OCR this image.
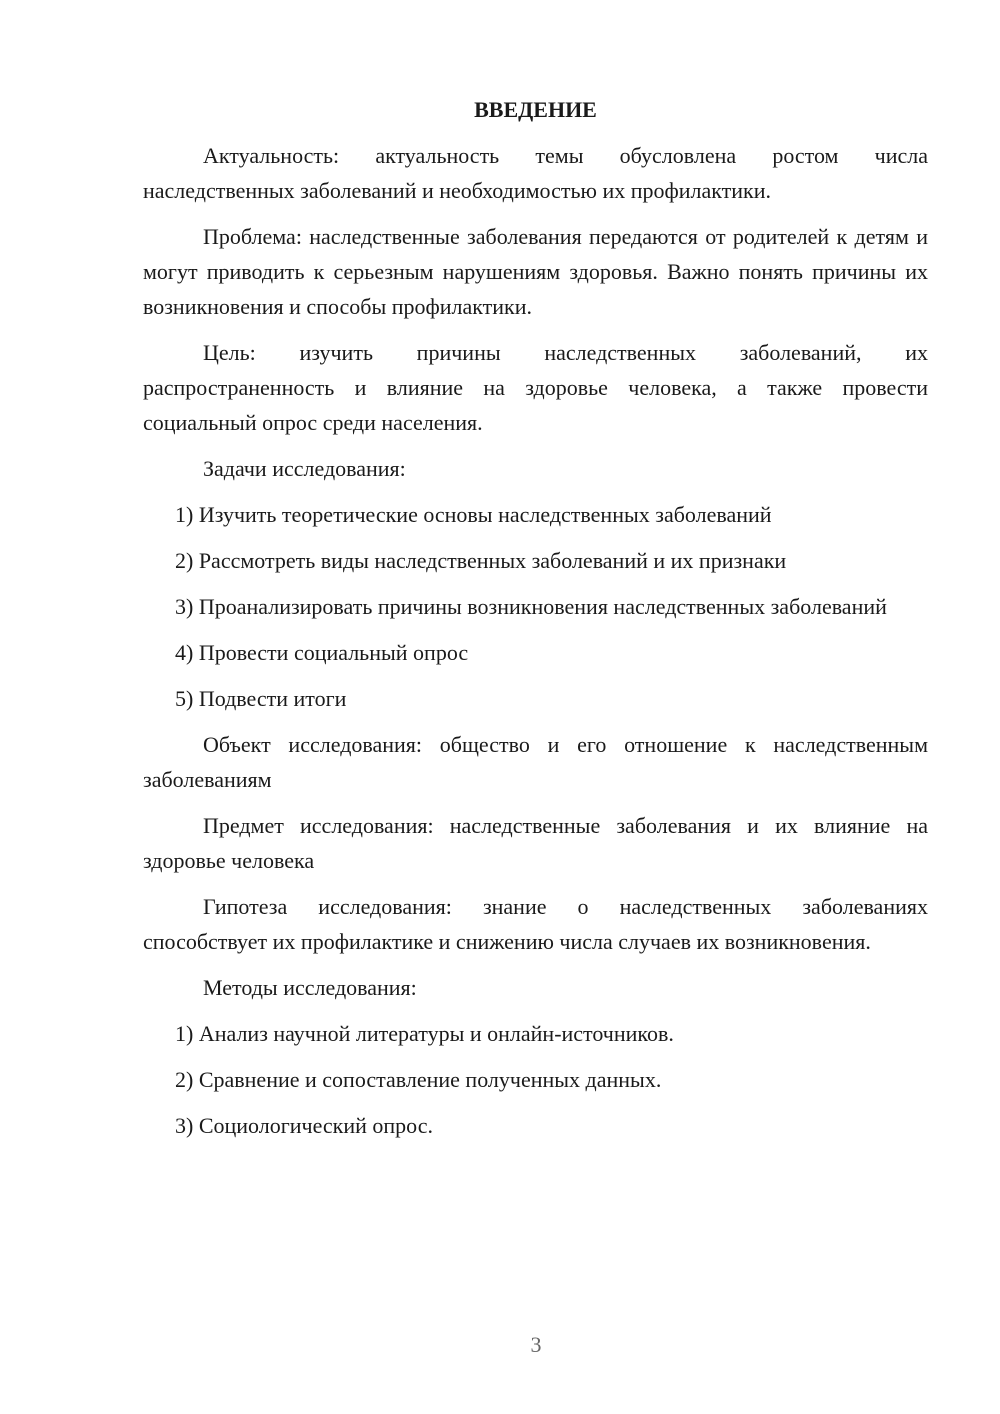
ВВЕДЕНИЕ

Актуальность: актуальность темы обусловлена ростом числа наследственных заболеваний и необходимостью их профилактики.

Проблема: наследственные заболевания передаются от родителей к детям и могут приводить к серьезным нарушениям здоровья. Важно понять причины их возникновения и способы профилактики.

Цель: изучить причины наследственных заболеваний, их распространенность и влияние на здоровье человека, а также провести социальный опрос среди населения.

Задачи исследования:

1) Изучить теоретические основы наследственных заболеваний

2) Рассмотреть виды наследственных заболеваний и их признаки

3) Проанализировать причины возникновения наследственных заболеваний

4) Провести социальный опрос

5) Подвести итоги

Объект исследования: общество и его отношение к наследственным заболеваниям

Предмет исследования: наследственные заболевания и их влияние на здоровье человека

Гипотеза исследования: знание о наследственных заболеваниях способствует их профилактике и снижению числа случаев их возникновения.

Методы исследования:

1) Анализ научной литературы и онлайн-источников.

2) Сравнение и сопоставление полученных данных.

3) Социологический опрос.

3
